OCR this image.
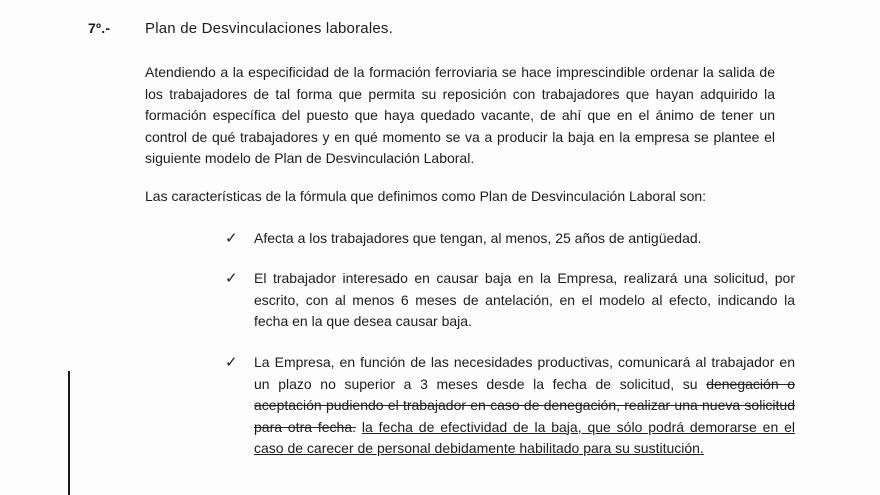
7º.- Plan de Desvinculaciones laborales.

Atendiendo a la especificidad de la formación ferroviaria se hace imprescindible ordenar la salida de los trabajadores de tal forma que permita su reposición con trabajadores que hayan adquirido la formación específica del puesto que haya quedado vacante, de ahí que en el ánimo de tener un control de qué trabajadores y en qué momento se va a producir la baja en la empresa se plantee el siguiente modelo de Plan de Desvinculación Laboral.

Las características de la fórmula que definimos como Plan de Desvinculación Laboral son:

✓ Afecta a los trabajadores que tengan, al menos, 25 años de antigüedad.
✓ El trabajador interesado en causar baja en la Empresa, realizará una solicitud, por escrito, con al menos 6 meses de antelación, en el modelo al efecto, indicando la fecha en la que desea causar baja.
✓ La Empresa, en función de las necesidades productivas, comunicará al trabajador en un plazo no superior a 3 meses desde la fecha de solicitud, su denegación o aceptación pudiendo el trabajador en caso de denegación, realizar una nueva solicitud para otra fecha. la fecha de efectividad de la baja, que sólo podrá demorarse en el caso de carecer de personal debidamente habilitado para su sustitución.
